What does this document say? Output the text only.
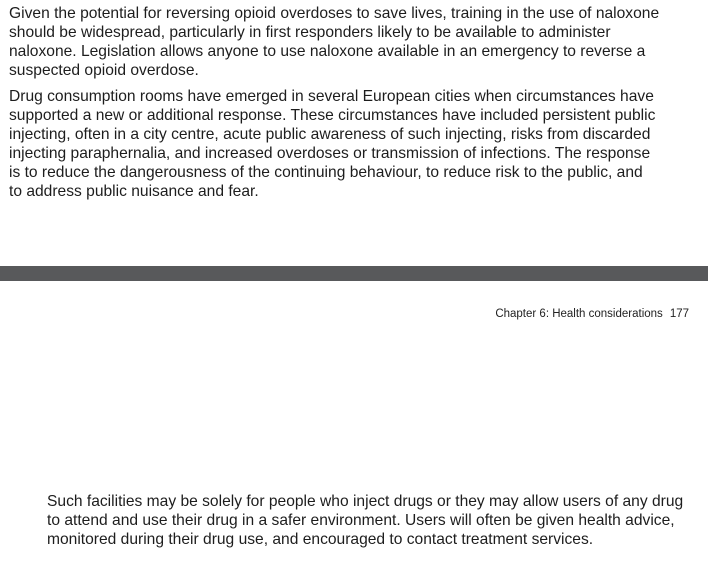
Given the potential for reversing opioid overdoses to save lives, training in the use of naloxone
should be widespread, particularly in first responders likely to be available to administer
naloxone. Legislation allows anyone to use naloxone available in an emergency to reverse a
suspected opioid overdose.

Drug consumption rooms have emerged in several European cities when circumstances have
supported a new or additional response. These circumstances have included persistent public
injecting, often in a city centre, acute public awareness of such injecting, risks from discarded
injecting paraphernalia, and increased overdoses or transmission of infections. The response
is to reduce the dangerousness of the continuing behaviour, to reduce risk to the public, and
to address public nuisance and fear.

Chapter 6: Health considerations 177

Such facilities may be solely for people who inject drugs or they may allow users of any drug
to attend and use their drug in a safer environment. Users will often be given health advice,
monitored during their drug use, and encouraged to contact treatment services.
